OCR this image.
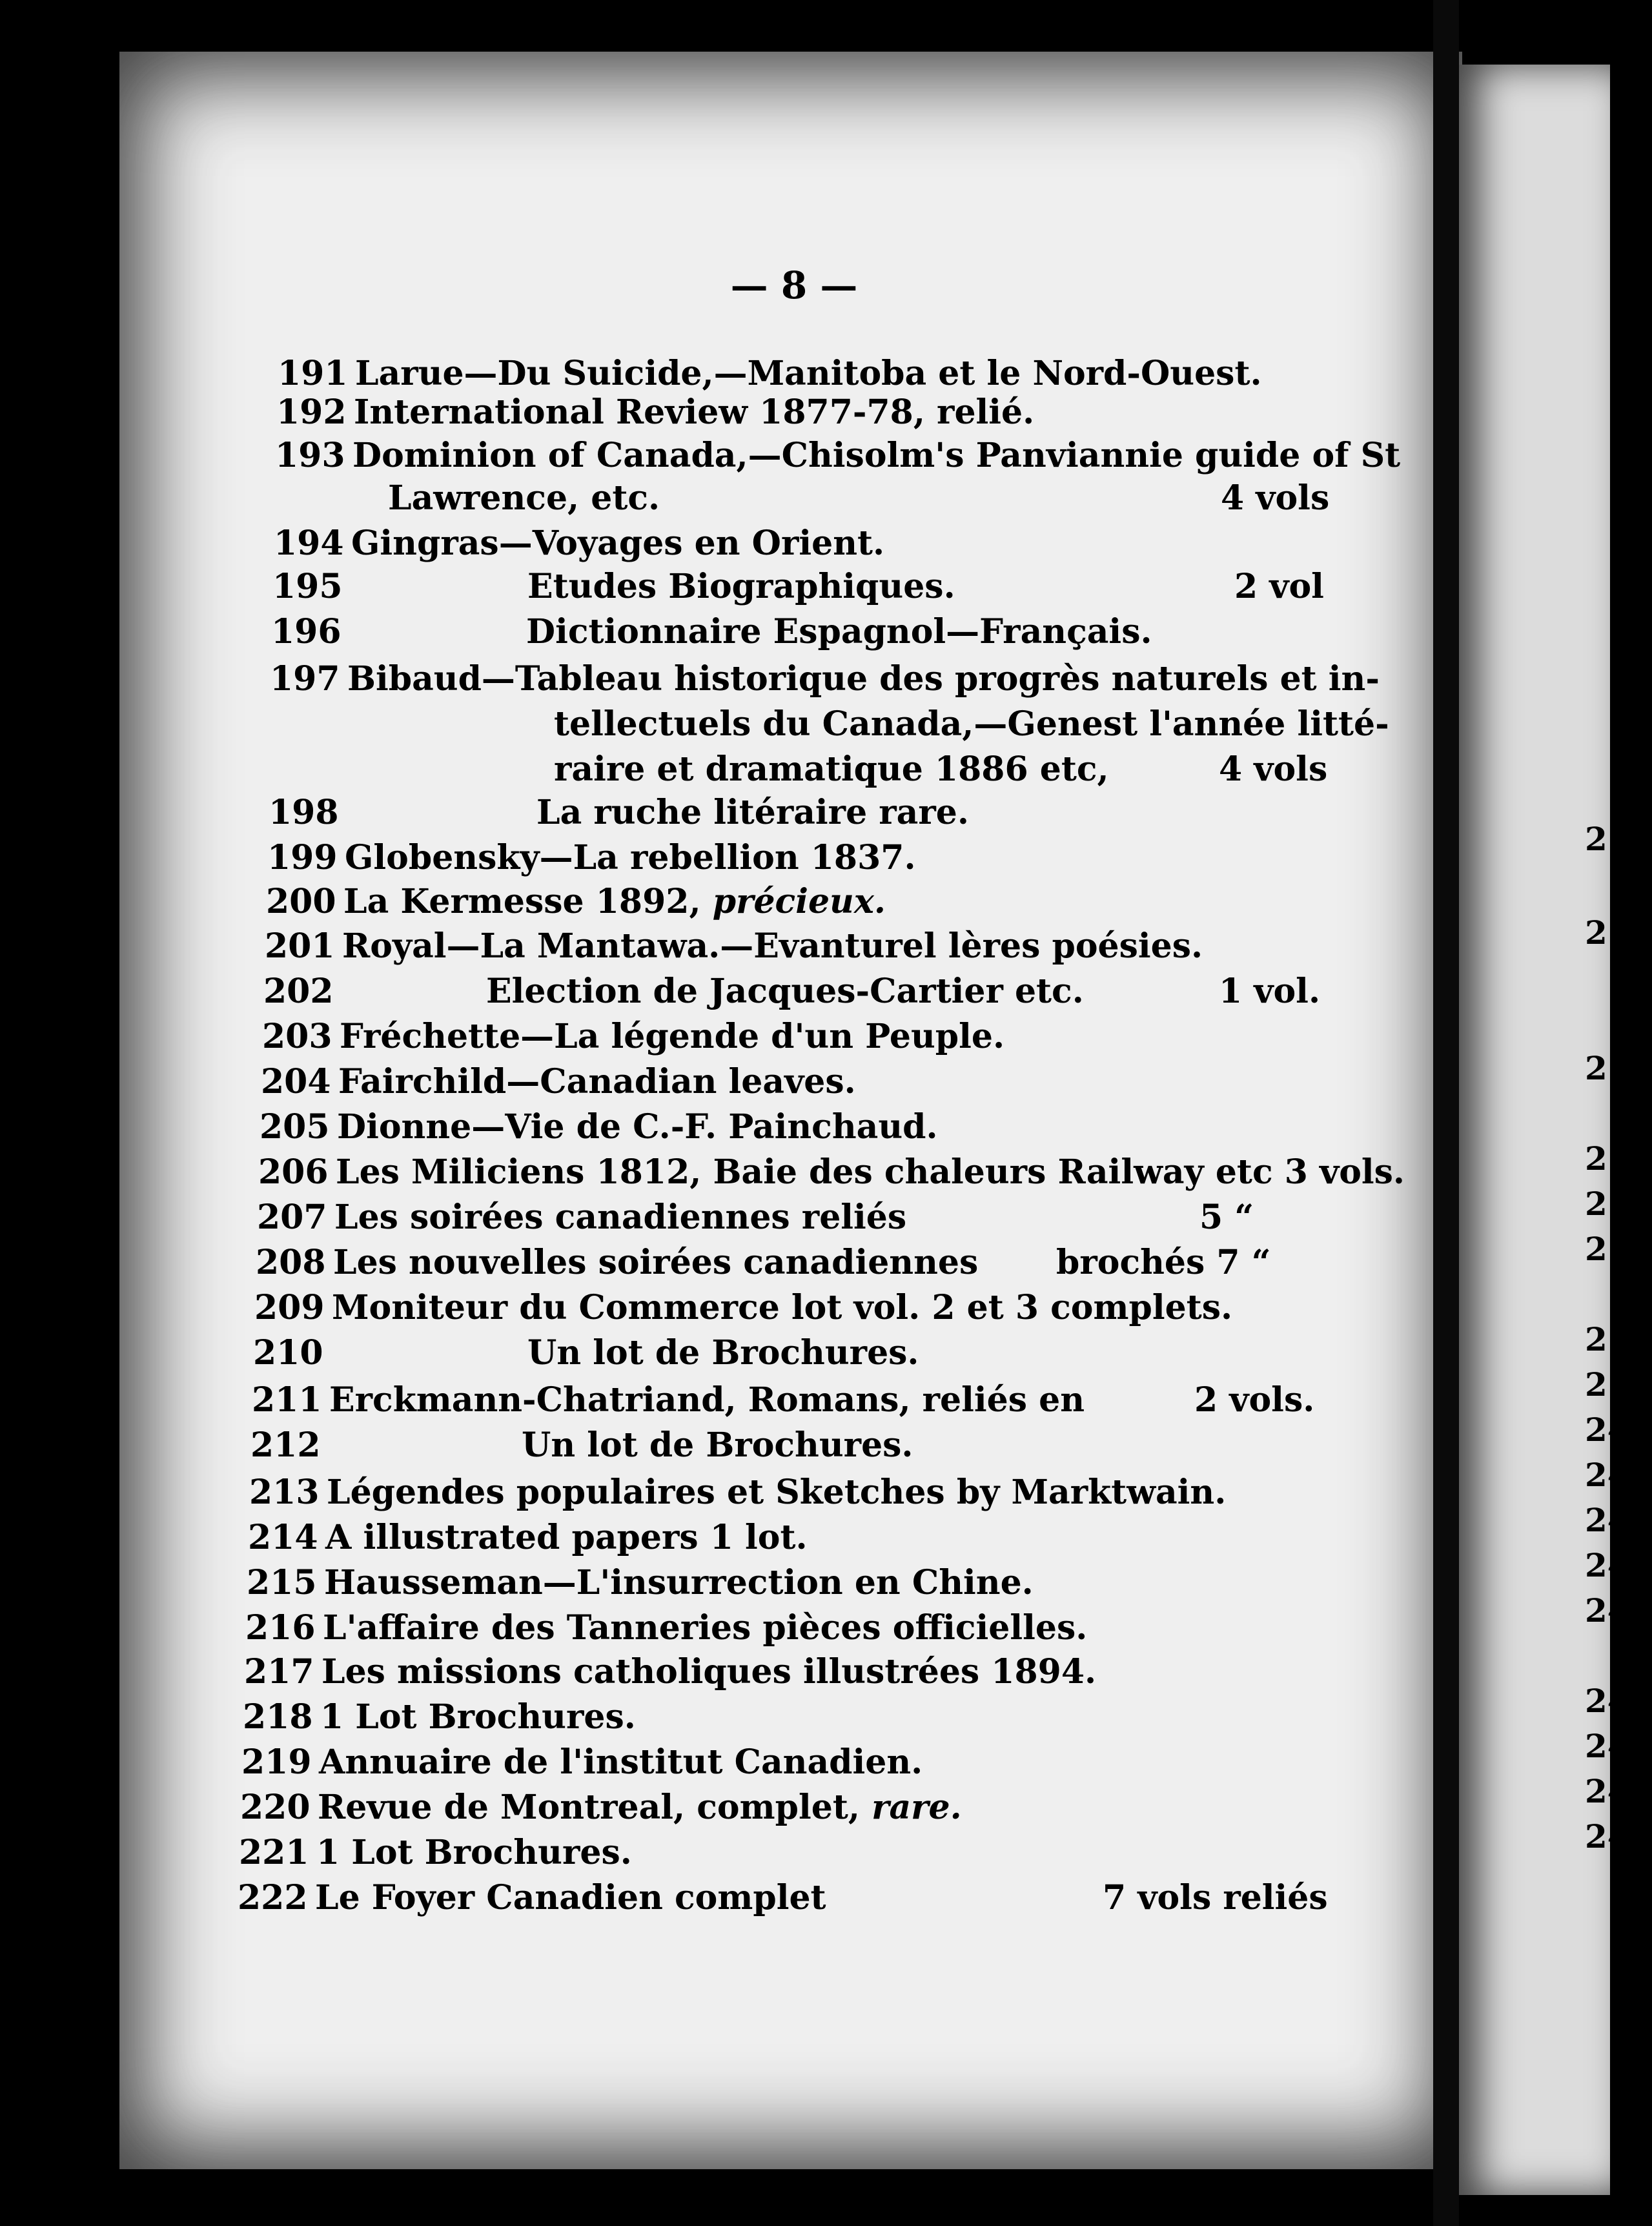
— 8 —
191 Larue—Du Suicide,—Manitoba et le Nord-Ouest.
192 International Review 1877-78, relié.
193 Dominion of Canada,—Chisolm's Panviannie guide of St
Lawrence, etc.	4 vols
194 Gingras—Voyages en Orient.
195	Etudes Biographiques.	2 vol
196	Dictionnaire Espagnol—Français.
197 Bibaud—Tableau historique des progrès naturels et in-
tellectuels du Canada,—Genest l'année litté-
raire et dramatique 1886 etc,	4 vols
198	La ruche litéraire rare.
199 Globensky—La rebellion 1837.
200 La Kermesse 1892, précieux.
201 Royal—La Mantawa.—Evanturel lères poésies.
202	Election de Jacques-Cartier etc.	1 vol.
203 Fréchette—La légende d'un Peuple.
204 Fairchild—Canadian leaves.
205 Dionne—Vie de C.-F. Painchaud.
206 Les Miliciens 1812, Baie des chaleurs Railway etc 3 vols.
207 Les soirées canadiennes reliés	5 “
208 Les nouvelles soirées canadiennes brochés 7 “
209 Moniteur du Commerce lot vol. 2 et 3 complets.
210	Un lot de Brochures.
211 Erckmann-Chatriand, Romans, reliés en	2 vols.
212	Un lot de Brochures.
213 Légendes populaires et Sketches by Marktwain.
214 A illustrated papers 1 lot.
215 Hausseman—L'insurrection en Chine.
216 L'affaire des Tanneries pièces officielles.
217 Les missions catholiques illustrées 1894.
218 1 Lot Brochures.
219 Annuaire de l'institut Canadien.
220 Revue de Montreal, complet, rare.
221 1 Lot Brochures.
222 Le Foyer Canadien complet	7 vols reliés
2
2
2
2
2
2
2
24
24
24
24
24
24
246
247
248
2
